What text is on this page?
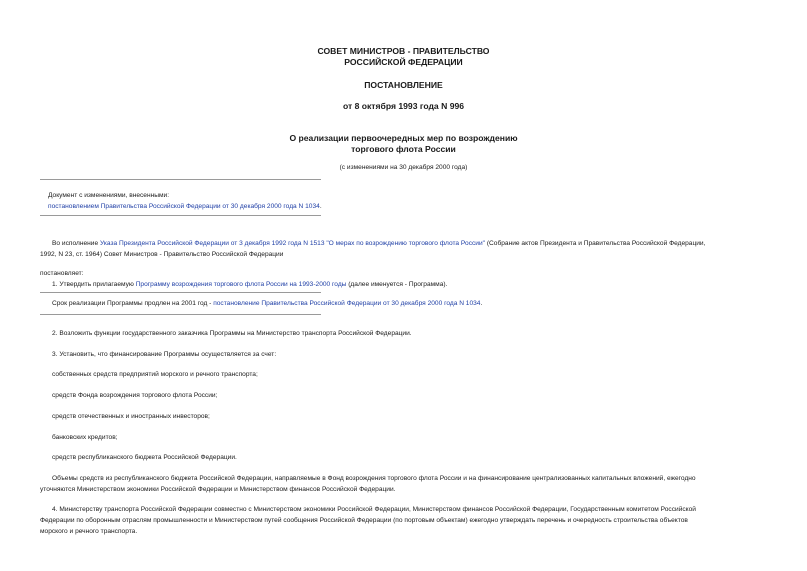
СОВЕТ МИНИСТРОВ - ПРАВИТЕЛЬСТВО
РОССИЙСКОЙ ФЕДЕРАЦИИ
ПОСТАНОВЛЕНИЕ
от 8 октября 1993 года N 996
О реализации первоочередных мер по возрождению
торгового флота России
(с изменениями на 30 декабря 2000 года)
Документ с изменениями, внесенными:
постановлением Правительства Российской Федерации от 30 декабря 2000 года N 1034.
Во исполнение Указа Президента Российской Федерации от 3 декабря 1992 года N 1513 "О мерах по возрождению торгового флота России" (Собрание актов Президента и Правительства Российской Федерации,
1992, N 23, ст. 1964) Совет Министров - Правительство Российской Федерации
постановляет:
1. Утвердить прилагаемую Программу возрождения торгового флота России на 1993-2000 годы (далее именуется - Программа).
Срок реализации Программы продлен на 2001 год - постановление Правительства Российской Федерации от 30 декабря 2000 года N 1034.
2. Возложить функции государственного заказчика Программы на Министерство транспорта Российской Федерации.
3. Установить, что финансирование Программы осуществляется за счет:
собственных средств предприятий морского и речного транспорта;
средств Фонда возрождения торгового флота России;
средств отечественных и иностранных инвесторов;
банковских кредитов;
средств республиканского бюджета Российской Федерации.
Объемы средств из республиканского бюджета Российской Федерации, направляемые в Фонд возрождения торгового флота России и на финансирование централизованных капитальных вложений, ежегодно
уточняются Министерством экономики Российской Федерации и Министерством финансов Российской Федерации.
4. Министерству транспорта Российской Федерации совместно с Министерством экономики Российской Федерации, Министерством финансов Российской Федерации, Государственным комитетом Российской
Федерации по оборонным отраслям промышленности и Министерством путей сообщения Российской Федерации (по портовым объектам) ежегодно утверждать перечень и очередность строительства объектов
морского и речного транспорта.
